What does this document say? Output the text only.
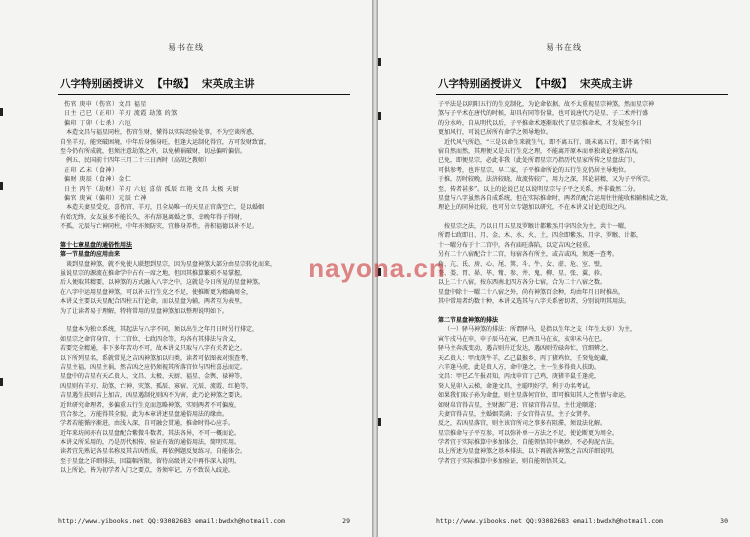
易书在线
八字特别函授讲义 【中级】 宋英成主讲
伤官 庚申（伤官）文昌 福星
日主 己巳（正印）羊刃 流霞 劫煞 的煞
偏印 丁卯（七杀）六厄
本造文昌与福星同柱，伤官生财，懂得以实际经验处事，不为空谈所惑，
自坐羊刃，能突破困境，中年后身强身旺，但逢大运制化得宜，方可发财致富，
至今仍有所成就，但须注意劫煞之冲，以免横祸破财，切忌偏听偏信。
例五、民国前十四年三月二十三日酉时（高胡之教师）
正印 乙未（食神）
偏财 庚辰（食神）金仁
日主 丙午（劫财）羊刃 六厄 喜信 孤辰 红艳 文昌 太极 天厨
偏官 庚寅（偏印）元辰 亡神
本造夫妻星受克，喜伤官、羊刃，且全局唯一的天星正官落空亡，是以婚姻
有始无终，女友虽多不能长久，亦有辞退离婚之事，幸晚年得子得财，
不孤，元辰与亡神同柱，中年亦须防灾，宜修身养性，善积福德以补不足。
第十七章星盘的通俗性用法
第一节星盘的应用由来
谈到星盘神煞，就不免使人联想到星宗，因为星盘神煞大部分由星宗转化而来，
虽说星宗的源流在推命学中占有一席之地，但因其推算繁琐不易掌握，
后人便取其精要，以神煞的方式融入八字之中，这就是今日所见的星盘神煞。
在八字中运用星盘神煞，可以补五行生克之不足，使推断更为精确周全，
本讲义主要以天星配合四柱五行论命，而以星盘为辅，两者互为表里，
为了让读者易于理解，特将常用的星盘神煞加以整理说明如下。
星盘本为独立系统，其起法与八字不同，须以出生之年月日时另行排定，
如星宗之命宫身宫、十二宫位、七政四余等，均各有其排法与含义，
若要完全精通，非下多年苦功不可，故本讲义只取与八字有关者论之。
以下所列星名，系就常见之吉凶神煞加以归类，读者可依图表对照查考，
吉星主福，凶星主祸，然吉凶之应仍须视其所落宫位与四柱喜忌而定。
星盘中的吉星有天乙贵人、文昌、太极、天厨、福星、金舆、禄神等，
凶星则有羊刃、劫煞、亡神、灾煞、孤辰、寡宿、元辰、流霞、红艳等，
吉星遇生扶则吉上加吉，凶星遇制化则凶不为害，此乃论神煞之要诀。
近世研究命理者，多偏重五行生克而忽略神煞，实则两者不可偏废，
宜合参之，方能得其全貌，此为本章讲述星盘通俗用法的缘由。
学者若能循序渐进，由浅入深，自可融会贯通，推命时得心应手。
近年来坊间亦有以星盘配合紫微斗数者，其法各异，不可一概而论。
本讲义所采用的，乃是历代相传、验证有效的通俗用法，简明实用。
读者宜先熟记各星名称及其吉凶性质，再依例题反复练习，自能体会。
至于星盘之详细排法，因篇幅所限，留待高级讲义中再作深入说明。
以上所论，皆为初学者入门之要点，务须牢记，方不致误入歧途。
http://www.yibooks.net QQ:93082683 email:bwdxh@hotmail.com	29
易书在线
八字特别函授讲义 【中级】 宋英成主讲
子平法是以阴阳五行的生克制化，为论命依据，故不太重视星宗神煞，然而星宗神
煞与子平术在唐代的时候，却具有同等份量，也可说唐代乃是星、子二术并行盛
的分水岭，自从明代以后，子平推命术逐渐取代了星宗推命术，才发展至今日
更加风行，可说已居所有命学之领导地位。
近代风气所趋，“三是以命生来就生气，即不离五行、既未离五行，即不离个阳
宿自然而然，其理便又是五行生克之理，不能离开原本而单独谈论神煞吉凶。
已免，即便星宗，必此非我（此处所谓星宗乃指历代星家所传之星盘法门），
可供参考，也许星宗，早二家，子平推命所论的五行生克仍居主导地位。
于推，历时较晚，法济较晓，故流传较广，用力之深，其论甚精，又为子平所宗。
至、传者甚多”。以上的论说已足以说明星宗与子平之关系，并非截然二分。
星盘与八字虽然各自成系统，但在实际推命时，两者的配合运用往往能收相辅相成之效，
理论上的同异比较，也可另立专题加以研究，不在本讲义讨论范围之内。
按星宗之法，乃以日月五星及罗睺计都紫炁月孛四余为主，共十一曜，
所谓七政即日、月、金、木、水、火、土，四余即紫炁、月孛、罗睺、计都，
十一曜分布于十二宫中，各有庙旺落陷，以定吉凶之轻重。
另有二十八宿配合十二宫，每宿各有所主，或吉或凶，须逐一查考。
角、亢、氐、房、心、尾、箕、斗、牛、女、虚、危、室、壁，
奎、娄、胃、昴、毕、觜、参、井、鬼、柳、星、张、翼、轸。
以上二十八宿，按东西南北四方各分七宿，合为二十八宿之数。
星盘中除十一曜二十八宿之外，尚有神煞百余种，均由年月日时推出，
其中常用者约数十种，本讲义选其与八字关系密切者，分别说明其用法。
第二节星盘神煞的排法
（一）驿马神煞的排法：所谓驿马，是指以生年之支（年生太岁）为主，
寅午戌马在申，申子辰马在寅，巳酉丑马在亥，亥卯未马在巳。
驿马主奔波变动，遇吉则升迁发达，遇凶则劳碌奔忙，宜细辨之。
天乙贵人：甲戊庚牛羊，乙己鼠猴乡，丙丁猪鸡位，壬癸兔蛇藏，
六辛逢马虎，此是贵人方，命中逢之，主一生多得贵人扶助。
文昌：甲巳乙午报君知，丙戊申宫丁己鸡，庚猪辛鼠壬逢虎，
癸人见卯入云梯，命逢文昌，主聪明好学，利于功名考试。
如果我们取子孙为命盘，则主星落何宫位，即可推知其人之性情与命运，
如财帛宫得吉星，主财源广进；官禄宫得吉星，主仕途顺遂；
夫妻宫得吉星，主婚姻美满；子女宫得吉星，主子女贤孝。
反之，若凶星落宫，则主该宫所司之事多有阻滞，须设法化解。
星宗推命与子平互参，可以弥补单一方法之不足，使论断更为周全。
学者宜于实际推算中多加体会，自能领悟其中奥妙，不必拘泥古法。
以上所述为星盘神煞之基本排法，以下再就各神煞之吉凶详细说明。
学者宜于实际推算中多加验证，则自能领悟其义。
http://www.yibooks.net QQ:93082683 email:bwdxh@hotmail.com	30
nayona.cn
